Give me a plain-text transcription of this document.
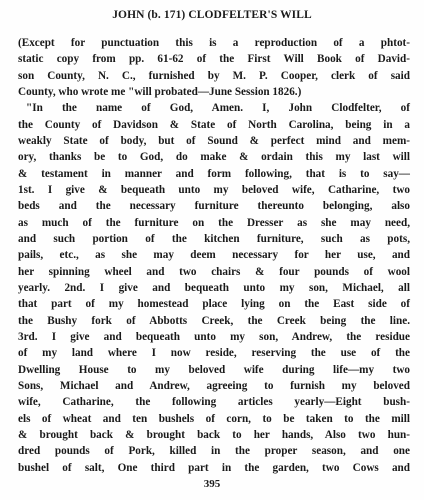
JOHN (b. 171) CLODFELTER'S WILL
(Except for punctuation this is a reproduction of a phtot-
static copy from pp. 61-62 of the First Will Book of David-
son County, N. C., furnished by M. P. Cooper, clerk of said
County, who wrote me "will probated—June Session 1826.)
"In the name of God, Amen. I, John Clodfelter, of
the County of Davidson & State of North Carolina, being in a
weakly State of body, but of Sound & perfect mind and mem-
ory, thanks be to God, do make & ordain this my last will
& testament in manner and form following, that is to say—
1st. I give & bequeath unto my beloved wife, Catharine, two
beds and the necessary furniture thereunto belonging, also
as much of the furniture on the Dresser as she may need,
and such portion of the kitchen furniture, such as pots,
pails, etc., as she may deem necessary for her use, and
her spinning wheel and two chairs & four pounds of wool
yearly. 2nd. I give and bequeath unto my son, Michael, all
that part of my homestead place lying on the East side of
the Bushy fork of Abbotts Creek, the Creek being the line.
3rd. I give and bequeath unto my son, Andrew, the residue
of my land where I now reside, reserving the use of the
Dwelling House to my beloved wife during life—my two
Sons, Michael and Andrew, agreeing to furnish my beloved
wife, Catharine, the following articles yearly—Eight bush-
els of wheat and ten bushels of corn, to be taken to the mill
& brought back & brought back to her hands, Also two hun-
dred pounds of Pork, killed in the proper season, and one
bushel of salt, One third part in the garden, two Cows and
395
